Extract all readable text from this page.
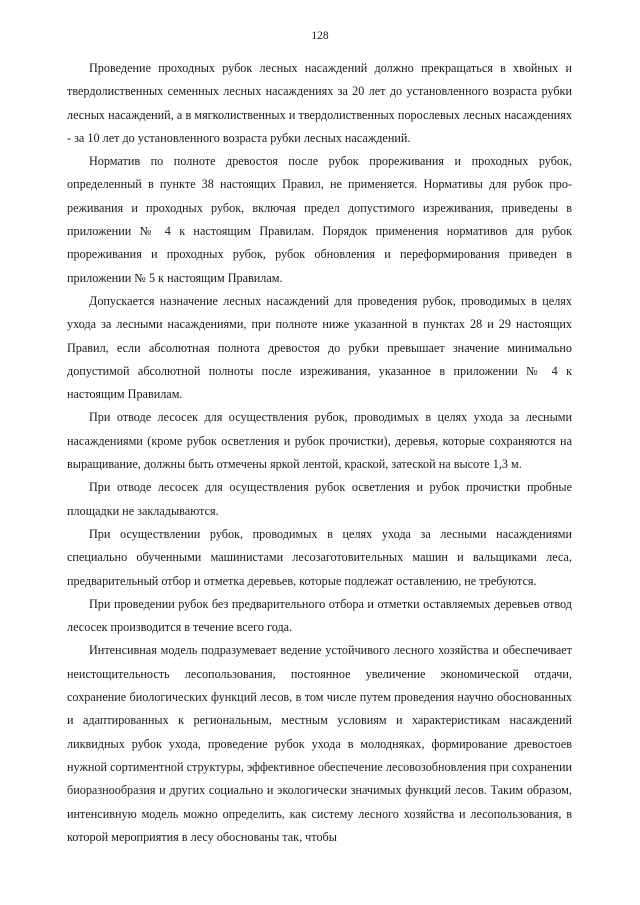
128

Проведение проходных рубок лесных насаждений должно прекращаться в хвойных и твердолиственных семенных лесных насаждениях за 20 лет до установленного возраста рубки лесных насаждений, а в мягколиственных и твердолиственных порослевых лесных насаждениях - за 10 лет до установленного возраста рубки лесных насаждений.

Норматив по полноте древостоя после рубок прореживания и проходных рубок, определенный в пункте 38 настоящих Правил, не применяется. Нормативы для рубок прореживания и проходных рубок, включая предел допустимого изреживания, приведены в приложении № 4 к настоящим Правилам. Порядок применения нормативов для рубок прореживания и проходных рубок, рубок обновления и переформирования приведен в приложении № 5 к настоящим Правилам.

Допускается назначение лесных насаждений для проведения рубок, проводимых в целях ухода за лесными насаждениями, при полноте ниже указанной в пунктах 28 и 29 настоящих Правил, если абсолютная полнота древостоя до рубки превышает значение минимально допустимой абсолютной полноты после изреживания, указанное в приложении № 4 к настоящим Правилам.

При отводе лесосек для осуществления рубок, проводимых в целях ухода за лесными насаждениями (кроме рубок осветления и рубок прочистки), деревья, которые сохраняются на выращивание, должны быть отмечены яркой лентой, краской, затеской на высоте 1,3 м.

При отводе лесосек для осуществления рубок осветления и рубок прочистки пробные площадки не закладываются.

При осуществлении рубок, проводимых в целях ухода за лесными насаждениями специально обученными машинистами лесозаготовительных машин и вальщиками леса, предварительный отбор и отметка деревьев, которые подлежат оставлению, не требуются.

При проведении рубок без предварительного отбора и отметки оставляемых деревьев отвод лесосек производится в течение всего года.

Интенсивная модель подразумевает ведение устойчивого лесного хозяйства и обеспечивает неистощительность лесопользования, постоянное увеличение экономической отдачи, сохранение биологических функций лесов, в том числе путем проведения научно обоснованных и адаптированных к региональным, местным условиям и характеристикам насаждений ликвидных рубок ухода, проведение рубок ухода в молодняках, формирование древостоев нужной сортиментной структуры, эффективное обеспечение лесовозобновления при сохранении биоразнообразия и других социально и экологически значимых функций лесов. Таким образом, интенсивную модель можно определить, как систему лесного хозяйства и лесопользования, в которой мероприятия в лесу обоснованы так, чтобы
